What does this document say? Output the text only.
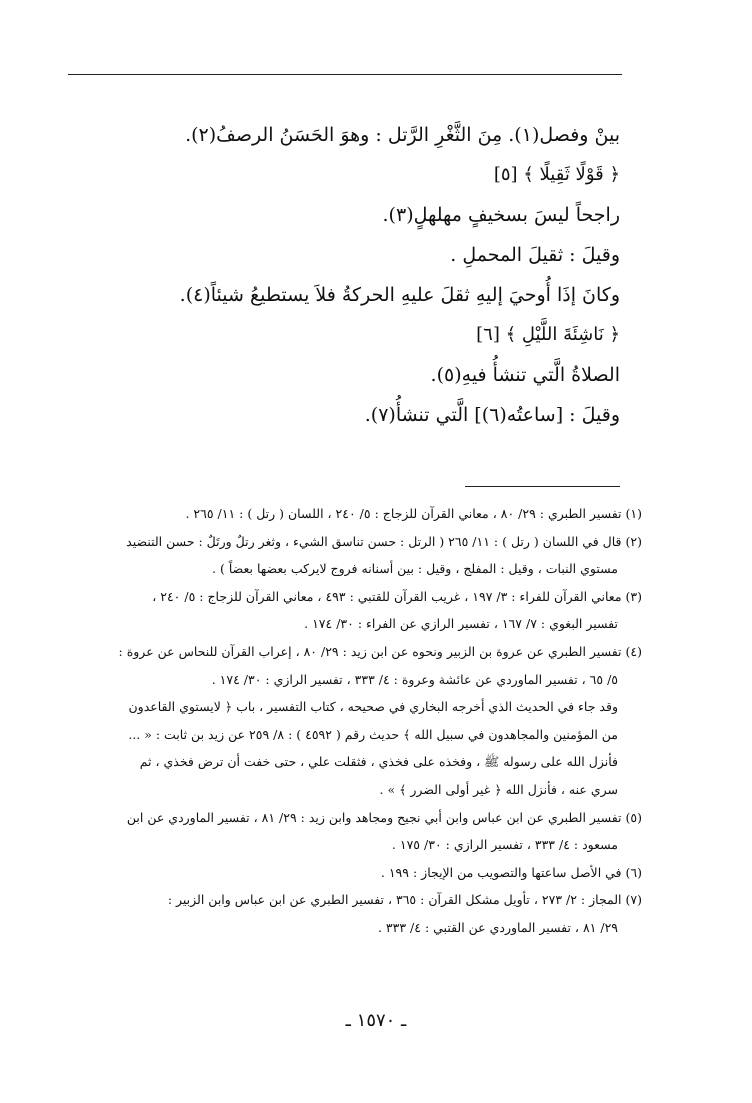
بينْ وفصل(١). مِنَ الثَّغْرِ الرَّتل : وهوَ الحَسَنُ الرصفُ(٢).
﴿ قَوْلًا ثَقِيلًا ﴾ [٥]
راجحاً ليسَ بسخيفٍ مهلهلٍ(٣).
وقيلَ : ثقيلَ المحملِ .
وكانَ إذَا أُوحيَ إليهِ ثقلَ عليهِ الحركةُ فلاَ يستطيعُ شيئاً(٤).
﴿ نَاشِئَةَ اللَّيْلِ ﴾ [٦]
الصلاةُ الَّتي تنشأُ فيهِ(٥).
وقيلَ : [ساعتُه(٦)] الَّتي تنشأُ(٧).
(١) تفسير الطبري : ٢٩/ ٨٠ ، معاني القرآن للزجاج : ٥/ ٢٤٠ ، اللسان ( رتل ) : ١١/ ٢٦٥ .
(٢) قال في اللسان ( رتل ) : ١١/ ٢٦٥ ( الرتل : حسن تناسق الشيء ، وثغر رتلٌ ورتَلٌ : حسن التنضيد
مستوي النبات ، وقيل : المفلج ، وقيل : بين أسنانه فروج لايركب بعضها بعضاً ) .
(٣) معاني القرآن للفراء : ٣/ ١٩٧ ، غريب القرآن للقتبي : ٤٩٣ ، معاني القرآن للزجاج : ٥/ ٢٤٠ ،
تفسير البغوي : ٧/ ١٦٧ ، تفسير الرازي عن الفراء : ٣٠/ ١٧٤ .
(٤) تفسير الطبري عن عروة بن الزبير ونحوه عن ابن زيد : ٢٩/ ٨٠ ، إعراب القرآن للنحاس عن عروة :
٥/ ٦٥ ، تفسير الماوردي عن عائشة وعروة : ٤/ ٣٣٣ ، تفسير الرازي : ٣٠/ ١٧٤ .
وقد جاء في الحديث الذي أخرجه البخاري في صحيحه ، كتاب التفسير ، باب ﴿ لايستوي القاعدون
من المؤمنين والمجاهدون في سبيل الله ﴾ حديث رقم ( ٤٥٩٢ ) : ٨/ ٢٥٩ عن زيد بن ثابت : « ...
فأنزل الله على رسوله ﷺ ، وفخذه على فخذي ، فثقلت علي ، حتى خفت أن ترض فخذي ، ثم
سري عنه ، فأنزل الله ﴿ غير أولى الضرر ﴾ » .
(٥) تفسير الطبري عن ابن عباس وابن أبي نجيح ومجاهد وابن زيد : ٢٩/ ٨١ ، تفسير الماوردي عن ابن
مسعود : ٤/ ٣٣٣ ، تفسير الرازي : ٣٠/ ١٧٥ .
(٦) في الأصل ساعتها والتصويب من الإيجاز : ١٩٩ .
(٧) المجاز : ٢/ ٢٧٣ ، تأويل مشكل القرآن : ٣٦٥ ، تفسير الطبري عن ابن عباس وابن الزبير :
٢٩/ ٨١ ، تفسير الماوردي عن القتبي : ٤/ ٣٣٣ .
ـ ١٥٧٠ ـ
